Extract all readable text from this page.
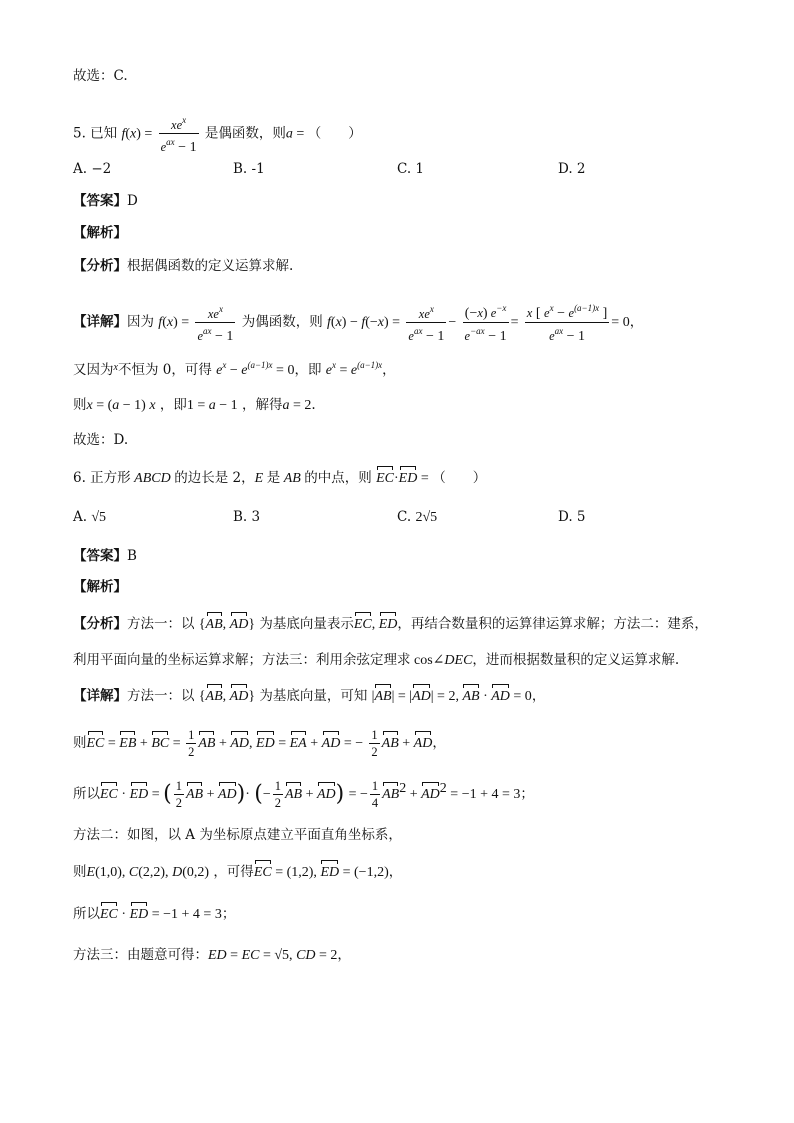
故选：C.
5. 已知 $f(x) = \frac{xe^x}{e^{ax} - 1}$ 是偶函数，则a = （　　）
A. −2	B. -1	C. 1	D. 2
【答案】D
【解析】
【分析】根据偶函数的定义运算求解.
【详解】因为 $f(x) = \frac{xe^x}{e^{ax} - 1}$ 为偶函数，则 $f(x) - f(-x) = \frac{xe^x}{e^{ax} - 1} - \frac{(-x) e^{-x}}{e^{-ax} - 1} = \frac{x [ e^x - e^{(a-1)x} ]}{e^{ax} - 1} = 0$，
又因为$^x$不恒为 0，可得 $e^x - e^{(a-1)x} = 0$，即 $e^x = e^{(a-1)x}$，
则x = (a − 1) x ，即1 = a − 1 ，解得a = 2.
故选：D.
6. 正方形 ABCD 的边长是 2，E 是 AB 的中点，则 EC·ED = （　　）
A. √5	B. 3	C. 2√5	D. 5
【答案】B
【解析】
【分析】方法一：以 {AB, AD} 为基底向量表示EC, ED，再结合数量积的运算律运算求解；方法二：建系，
利用平面向量的坐标运算求解；方法三：利用余弦定理求 cos∠DEC，进而根据数量积的定义运算求解.
【详解】方法一：以 {AB, AD} 为基底向量，可知 |AB| = |AD| = 2, AB · AD = 0，
则EC = EB + BC = $\frac{1}{2}$ AB + AD, ED = EA + AD = − $\frac{1}{2}$ AB + AD，
所以EC · ED = ( $\frac{1}{2}$ AB + AD)· (− $\frac{1}{2}$ AB + AD) = − $\frac{1}{4} AB^2 + AD^2 = -1 + 4 = 3$；
方法二：如图，以 A 为坐标原点建立平面直角坐标系，
则E(1,0), C(2,2), D(0,2) ，可得EC = (1,2), ED = (−1,2)，
所以EC · ED = −1 + 4 = 3；
方法三：由题意可得：ED = EC = √5, CD = 2，
